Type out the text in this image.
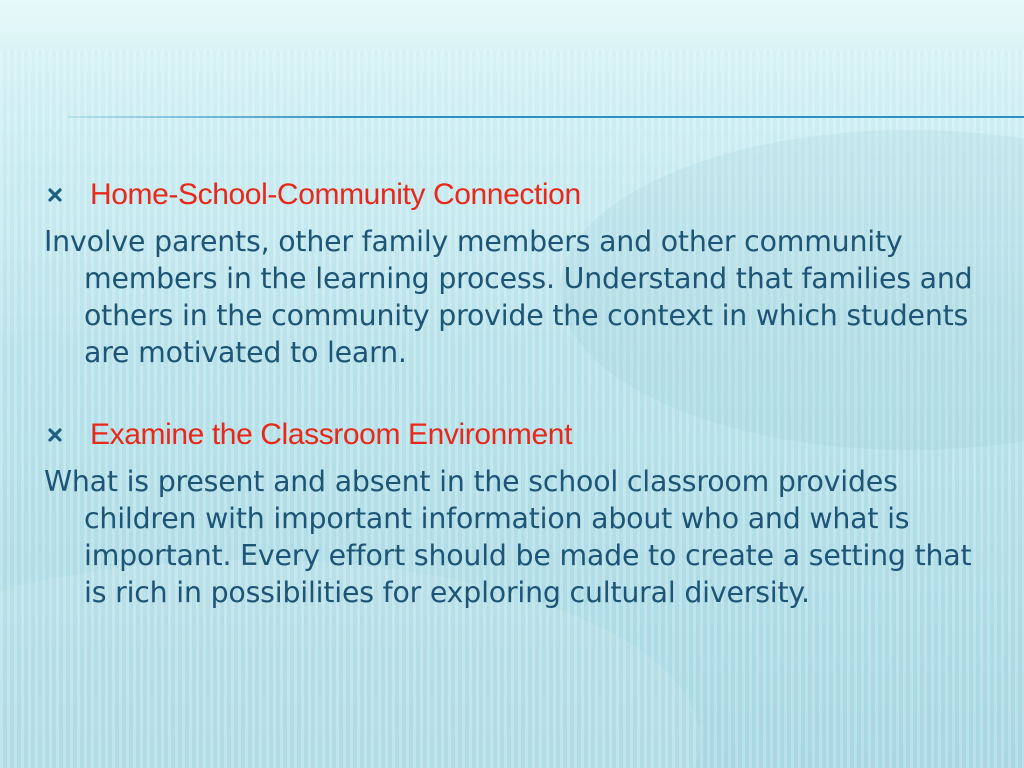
Home-School-Community Connection

Involve parents, other family members and other community members in the learning process. Understand that families and others in the community provide the context in which students are motivated to learn.

Examine the Classroom Environment

What is present and absent in the school classroom provides children with important information about who and what is important. Every effort should be made to create a setting that is rich in possibilities for exploring cultural diversity.
